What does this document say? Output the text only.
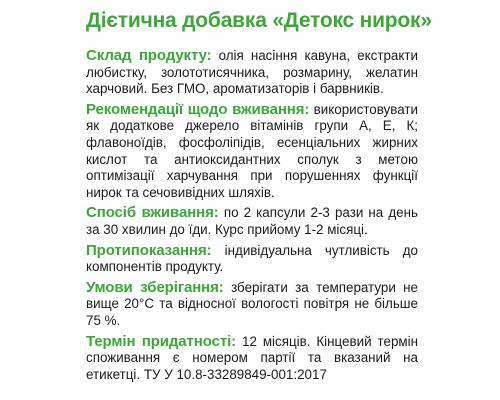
Дієтична добавка «Детокс нирок»

Склад продукту: олія насіння кавуна, екстракти любистку, золототисячника, розмарину, желатин харчовий. Без ГМО, ароматизаторів і барвників.

Рекомендації щодо вживання: використовувати як додаткове джерело вітамінів групи А, Е, К; флавоноїдів, фосфоліпідів, есенціальних жирних кислот та антиоксидантних сполук з метою оптимізації харчування при порушеннях функції нирок та сечовивідних шляхів.

Спосіб вживання: по 2 капсули 2-3 рази на день за 30 хвилин до їди. Курс прийому 1-2 місяці.

Протипоказання: індивідуальна чутливість до компонентів продукту.

Умови зберігання: зберігати за температури не вище 20°С та відносної вологості повітря не більше 75 %.

Термін придатності: 12 місяців. Кінцевий термін споживання є номером партії та вказаний на етикетці. ТУ У 10.8-33289849-001:2017
